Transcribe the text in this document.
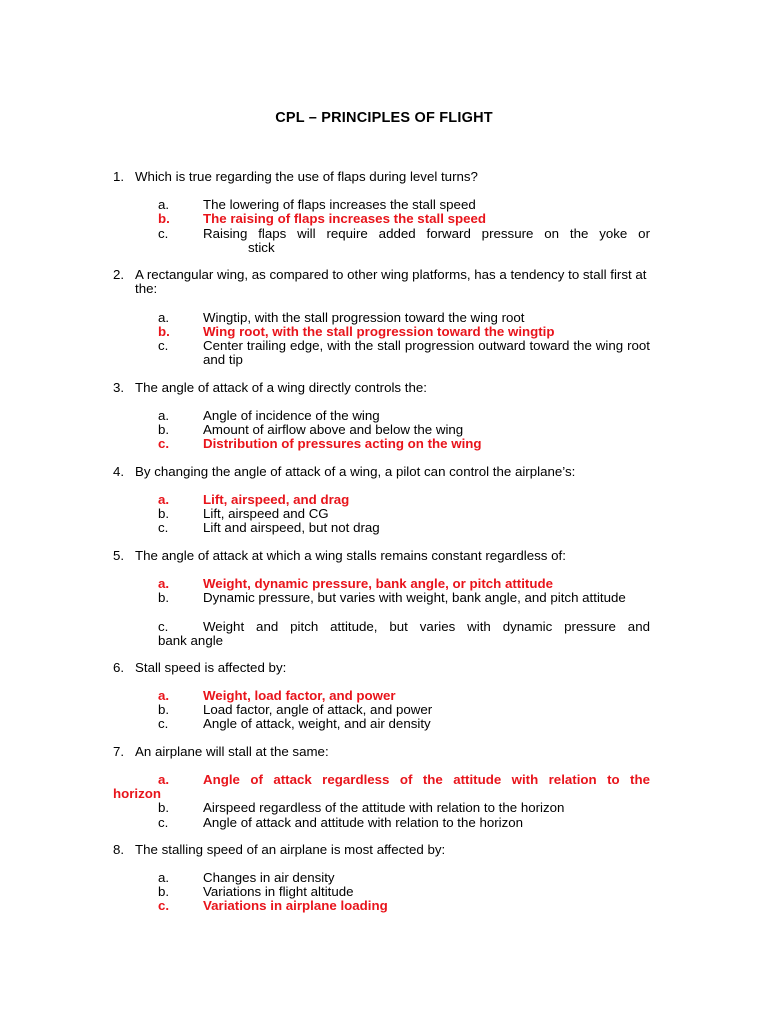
CPL – PRINCIPLES OF FLIGHT
1. Which is true regarding the use of flaps during level turns?
a.	The lowering of flaps increases the stall speed
b. The raising of flaps increases the stall speed
c.	Raising flaps will require added forward pressure on the yoke or
stick
2. A rectangular wing, as compared to other wing platforms, has a tendency to stall first at the:
a.	Wingtip, with the stall progression toward the wing root
b. Wing root, with the stall progression toward the wingtip
c.	Center trailing edge, with the stall progression outward toward the wing root and tip
3. The angle of attack of a wing directly controls the:
a.	Angle of incidence of the wing
b.	Amount of airflow above and below the wing
c.	Distribution of pressures acting on the wing
4. By changing the angle of attack of a wing, a pilot can control the airplane’s:
a.	Lift, airspeed, and drag
b.	Lift, airspeed and CG
c.	Lift and airspeed, but not drag
5. The angle of attack at which a wing stalls remains constant regardless of:
a.	Weight, dynamic pressure, bank angle, or pitch attitude
b.	Dynamic pressure, but varies with weight, bank angle, and pitch attitude
c.	Weight and pitch attitude, but varies with dynamic pressure and
bank angle
6. Stall speed is affected by:
a.	Weight, load factor, and power
b.	Load factor, angle of attack, and power
c.	Angle of attack, weight, and air density
7. An airplane will stall at the same:
a.	Angle of attack regardless of the attitude with relation to the
horizon
b.	Airspeed regardless of the attitude with relation to the horizon
c.	Angle of attack and attitude with relation to the horizon
8. The stalling speed of an airplane is most affected by:
a.	Changes in air density
b.	Variations in flight altitude
c.	Variations in airplane loading
